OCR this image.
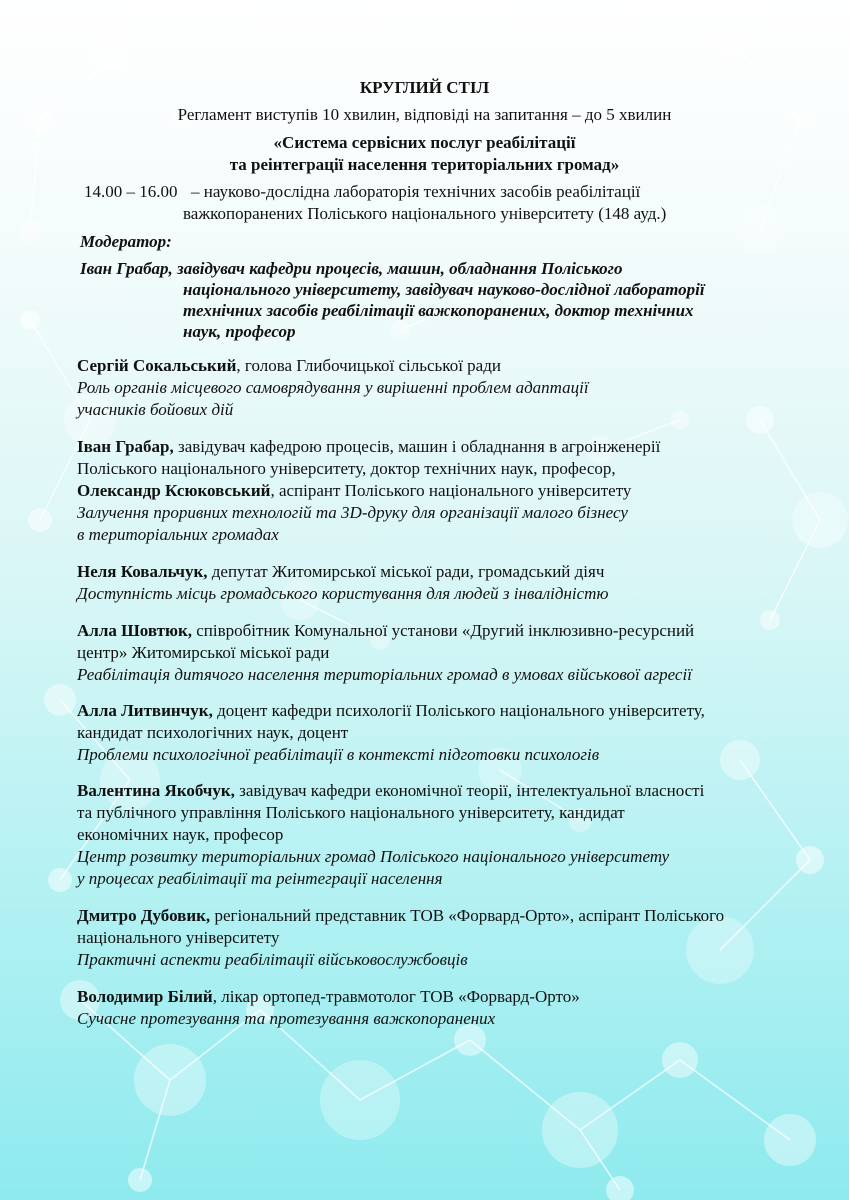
КРУГЛИЙ СТІЛ

Регламент виступів 10 хвилин, відповіді на запитання – до 5 хвилин

«Система сервісних послуг реабілітації

та реінтеграції населення територіальних громад»

14.00 – 16.00 – науково-дослідна лабораторія технічних засобів реабілітації

важкопоранених Поліського національного університету (148 ауд.)

Модератор:

Іван Грабар, завідувач кафедри процесів, машин, обладнання Поліського

національного університету, завідувач науково-дослідної лабораторії

технічних засобів реабілітації важкопоранених, доктор технічних

наук, професор

Сергій Сокальський, голова Глибочицької сільської ради

Роль органів місцевого самоврядування у вирішенні проблем адаптації

учасників бойових дій

Іван Грабар, завідувач кафедрою процесів, машин і обладнання в агроінженерії

Поліського національного університету, доктор технічних наук, професор,

Олександр Ксюковський, аспірант Поліського національного університету

Залучення проривних технологій та 3D-друку для організації малого бізнесу

в територіальних громадах

Неля Ковальчук, депутат Житомирської міської ради, громадський діяч

Доступність місць громадського користування для людей з інвалідністю

Алла Шовтюк, співробітник Комунальної установи «Другий інклюзивно-ресурсний

центр» Житомирської міської ради

Реабілітація дитячого населення територіальних громад в умовах військової агресії

Алла Литвинчук, доцент кафедри психології Поліського національного університету,

кандидат психологічних наук, доцент

Проблеми психологічної реабілітації в контексті підготовки психологів

Валентина Якобчук, завідувач кафедри економічної теорії, інтелектуальної власності

та публічного управління Поліського національного університету, кандидат

економічних наук, професор

Центр розвитку територіальних громад Поліського національного університету

у процесах реабілітації та реінтеграції населення

Дмитро Дубовик, регіональний представник ТОВ «Форвард-Орто», аспірант Поліського

національного університету

Практичні аспекти реабілітації військовослужбовців

Володимир Білий, лікар ортопед-травмотолог ТОВ «Форвард-Орто»

Сучасне протезування та протезування важкопоранених
